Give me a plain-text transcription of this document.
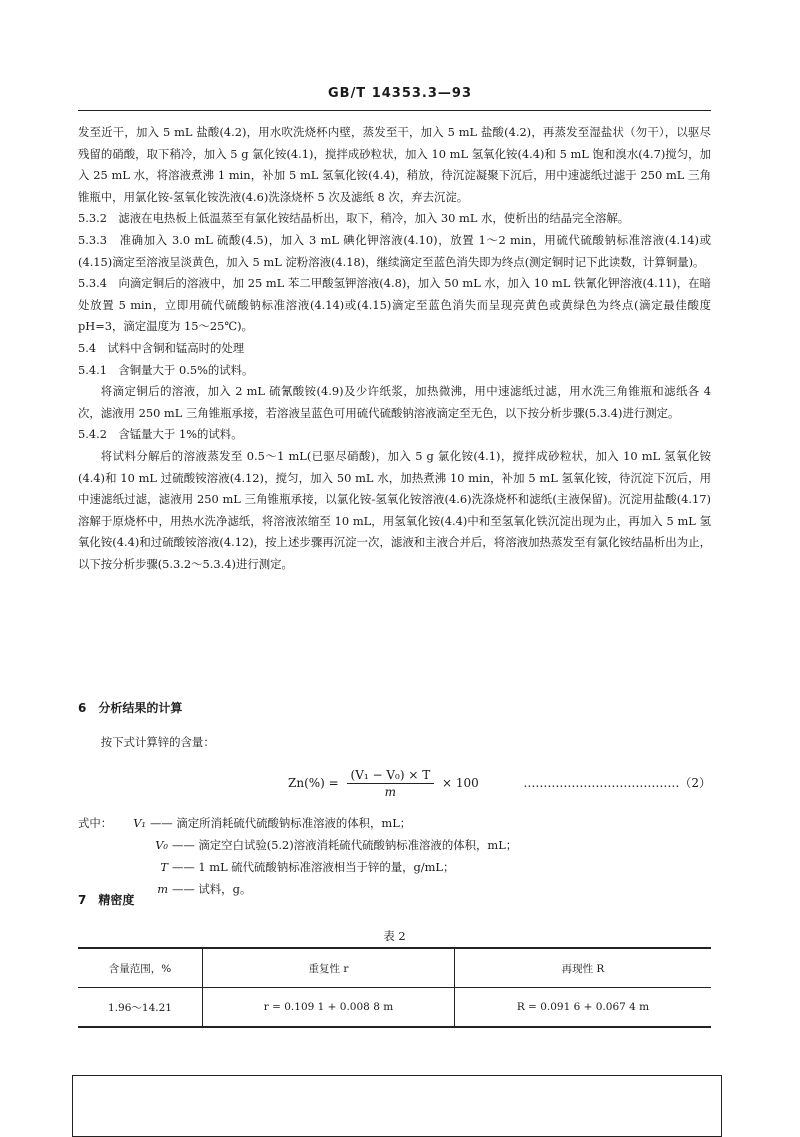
GB/T 14353.3—93

发至近干，加入 5 mL 盐酸(4.2)，用水吹洗烧杯内壁，蒸发至干，加入 5 mL 盐酸(4.2)，再蒸发至湿盐状（勿干），以驱尽残留的硝酸，取下稍冷，加入 5 g 氯化铵(4.1)，搅拌成砂粒状，加入 10 mL 氢氧化铵(4.4)和 5 mL 饱和溴水(4.7)搅匀，加入 25 mL 水，将溶液煮沸 1 min，补加 5 mL 氢氧化铵(4.4)，稍放，待沉淀凝聚下沉后，用中速滤纸过滤于 250 mL 三角锥瓶中，用氯化铵-氢氧化铵洗液(4.6)洗涤烧杯 5 次及滤纸 8 次，弃去沉淀。

5.3.2　滤液在电热板上低温蒸至有氯化铵结晶析出，取下，稍冷，加入 30 mL 水，使析出的结晶完全溶解。

5.3.3　准确加入 3.0 mL 硫酸(4.5)，加入 3 mL 碘化钾溶液(4.10)，放置 1～2 min，用硫代硫酸钠标准溶液(4.14)或(4.15)滴定至溶液呈淡黄色，加入 5 mL 淀粉溶液(4.18)，继续滴定至蓝色消失即为终点(测定铜时记下此读数，计算铜量)。

5.3.4　向滴定铜后的溶液中，加 25 mL 苯二甲酸氢钾溶液(4.8)，加入 50 mL 水，加入 10 mL 铁氰化钾溶液(4.11)，在暗处放置 5 min，立即用硫代硫酸钠标准溶液(4.14)或(4.15)滴定至蓝色消失而呈现亮黄色或黄绿色为终点(滴定最佳酸度 pH=3，滴定温度为 15～25℃)。

5.4　试料中含铜和锰高时的处理

5.4.1　含铜量大于 0.5%的试料。

将滴定铜后的溶液，加入 2 mL 硫氰酸铵(4.9)及少许纸浆，加热微沸，用中速滤纸过滤，用水洗三角锥瓶和滤纸各 4 次，滤液用 250 mL 三角锥瓶承接，若溶液呈蓝色可用硫代硫酸钠溶液滴定至无色，以下按分析步骤(5.3.4)进行测定。

5.4.2　含锰量大于 1%的试料。

将试料分解后的溶液蒸发至 0.5～1 mL(已驱尽硝酸)，加入 5 g 氯化铵(4.1)，搅拌成砂粒状，加入 10 mL 氢氧化铵(4.4)和 10 mL 过硫酸铵溶液(4.12)，搅匀，加入 50 mL 水，加热煮沸 10 min，补加 5 mL 氢氧化铵，待沉淀下沉后，用中速滤纸过滤，滤液用 250 mL 三角锥瓶承接，以氯化铵-氢氧化铵溶液(4.6)洗涤烧杯和滤纸(主液保留)。沉淀用盐酸(4.17)溶解于原烧杯中，用热水洗净滤纸，将溶液浓缩至 10 mL，用氢氧化铵(4.4)中和至氢氧化铁沉淀出现为止，再加入 5 mL 氢氧化铵(4.4)和过硫酸铵溶液(4.12)，按上述步骤再沉淀一次，滤液和主液合并后，将溶液加热蒸发至有氯化铵结晶析出为止，以下按分析步骤(5.3.2～5.3.4)进行测定。

6　分析结果的计算

按下式计算锌的含量：

$Zn(\%) = \frac{\text{(V₁ − V₀) × T}}{m} \times 100$	…………………………………（2）
式中：	V₁ —— 滴定所消耗硫代硫酸钠标准溶液的体积，mL；
V₀ —— 滴定空白试验(5.2)溶液消耗硫代硫酸钠标准溶液的体积，mL；
T —— 1 mL 硫代硫酸钠标准溶液相当于锌的量，g/mL；
m —— 试料，g。

7　精密度

表 2
含量范围，%	重复性 r	再现性 R
1.96～14.21	r = 0.109 1 + 0.008 8 m	R = 0.091 6 + 0.067 4 m
